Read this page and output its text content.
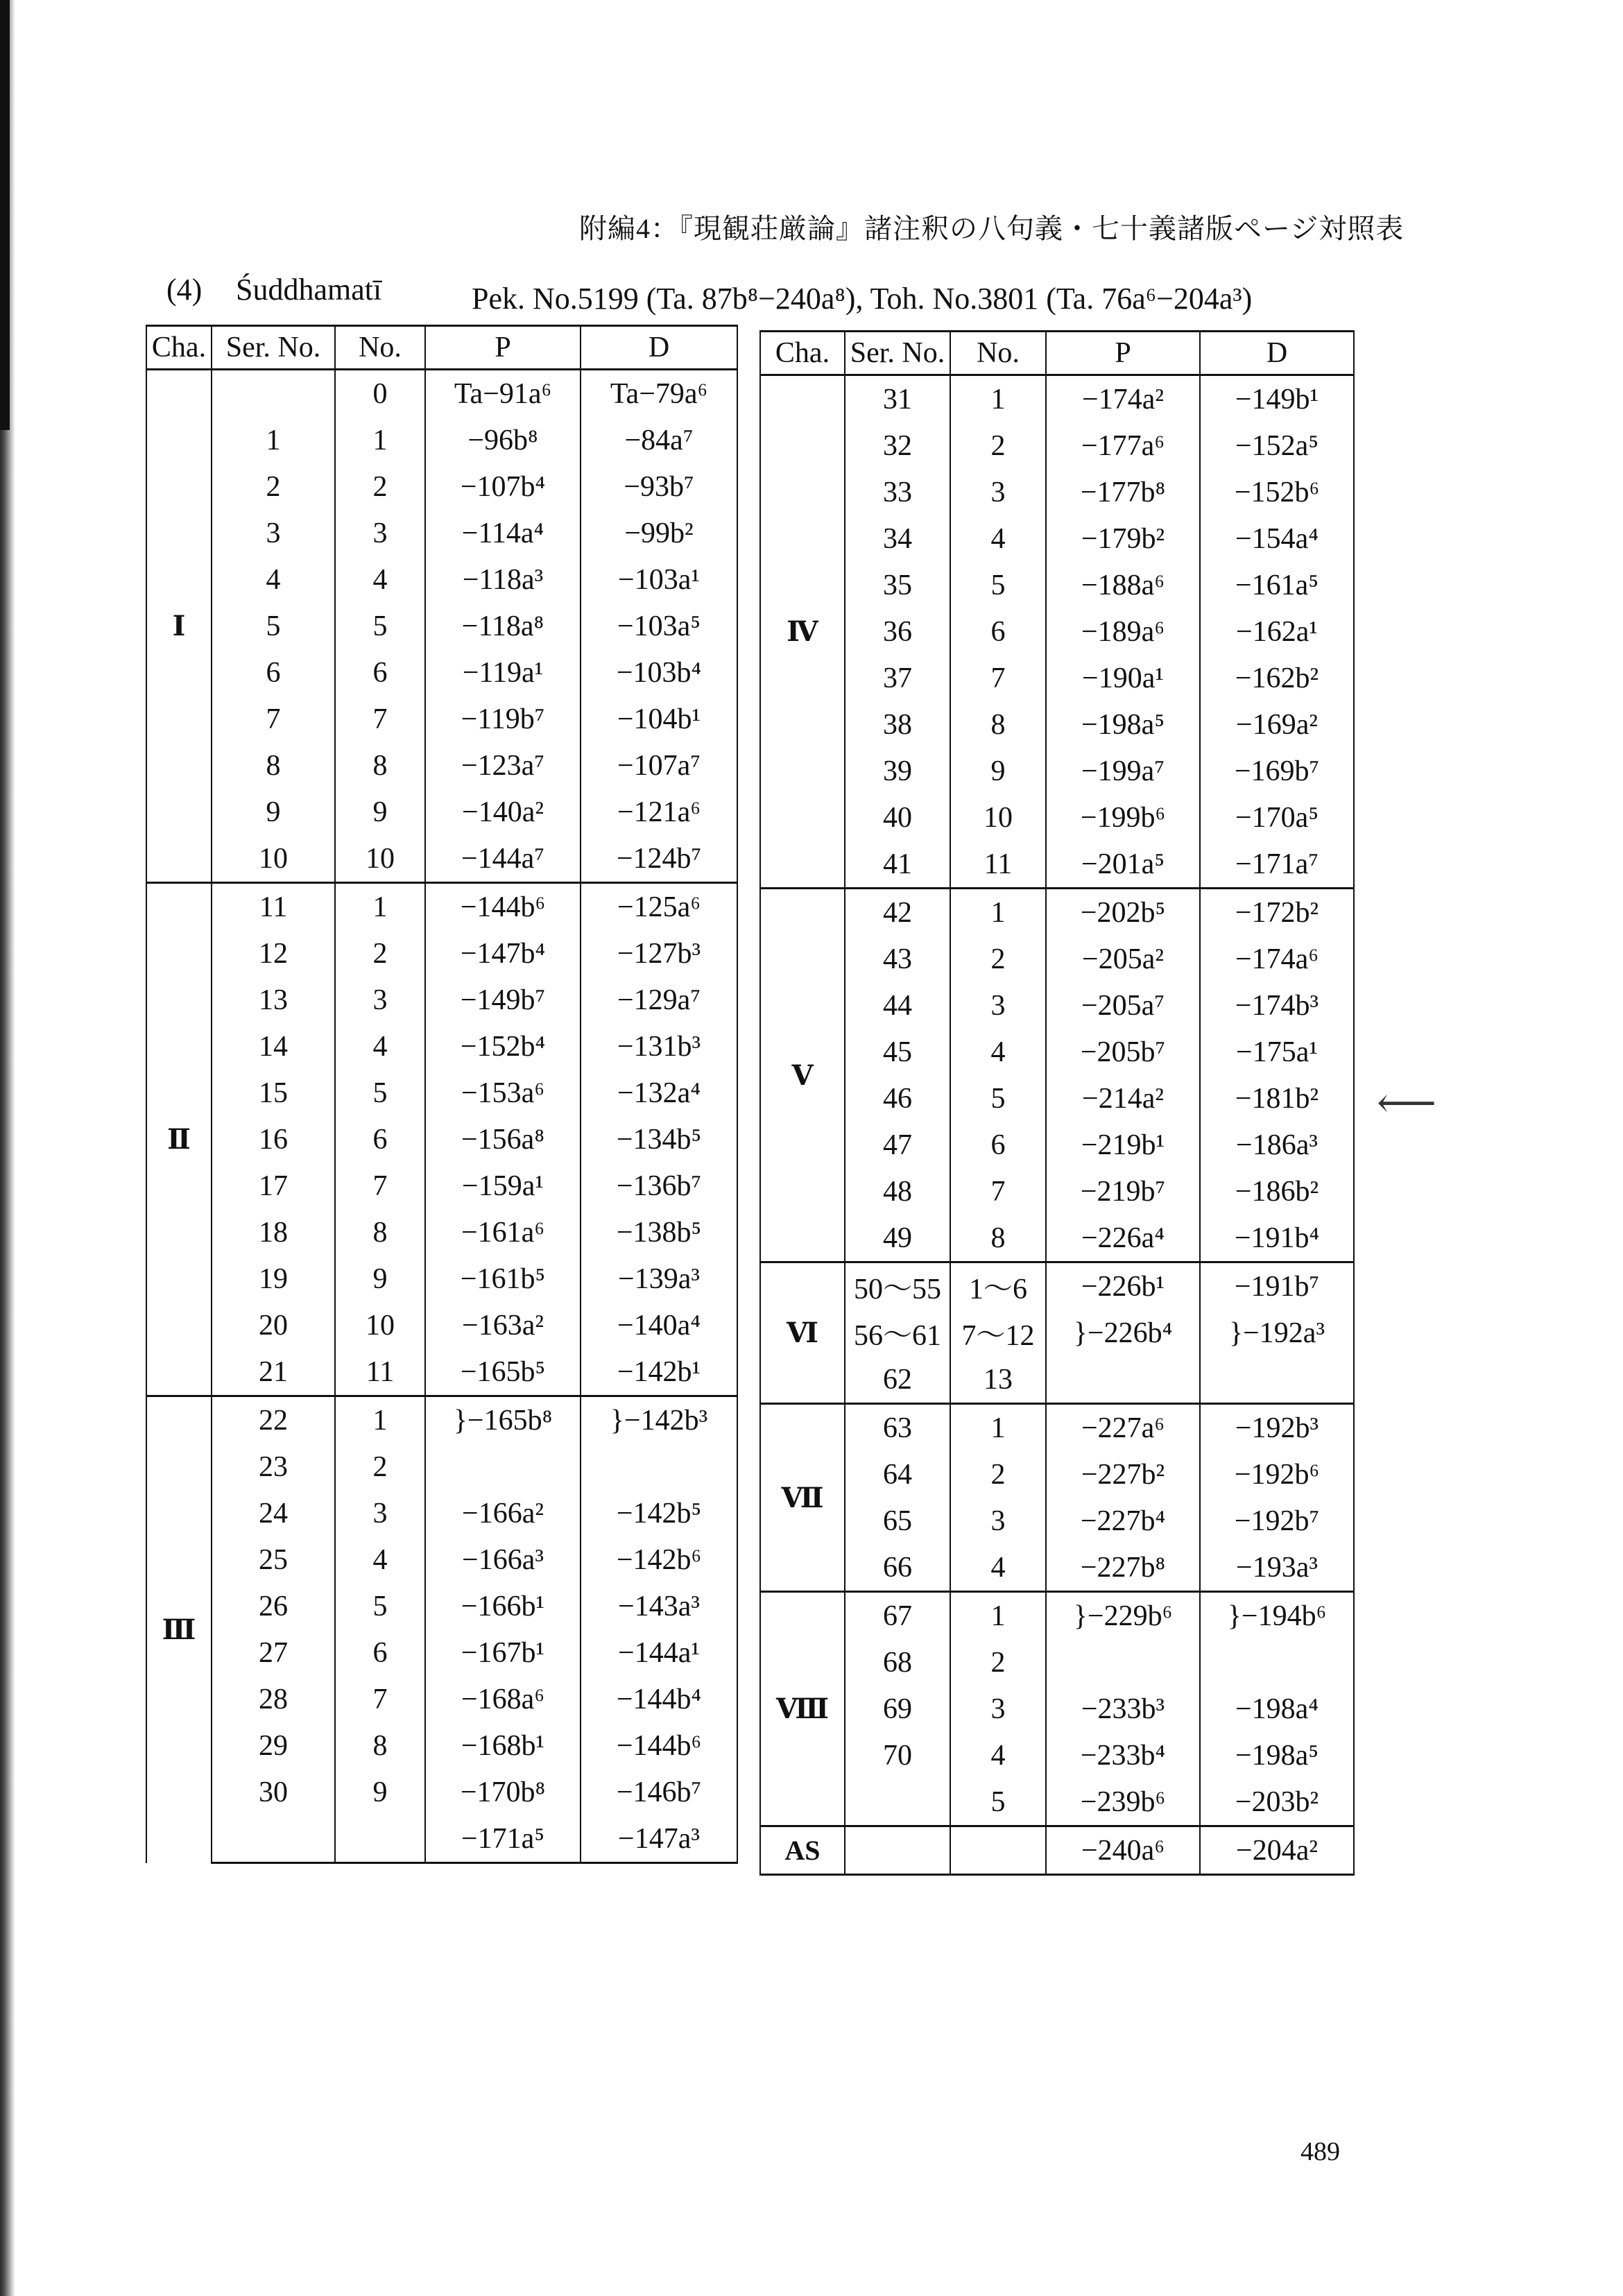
附編4：『現観荘厳論』諸注釈の八句義・七十義諸版ページ対照表
(4) Śuddhamatī	Pek. No.5199 (Ta. 87b⁸−240a⁸), Toh. No.3801 (Ta. 76a⁶−204a³)
Cha.	Ser. No.	No.	P	D
Ⅰ		0	Ta−91a⁶	Ta−79a⁶
	1	1	−96b⁸	−84a⁷
	2	2	−107b⁴	−93b⁷
	3	3	−114a⁴	−99b²
	4	4	−118a³	−103a¹
	5	5	−118a⁸	−103a⁵
	6	6	−119a¹	−103b⁴
	7	7	−119b⁷	−104b¹
	8	8	−123a⁷	−107a⁷
	9	9	−140a²	−121a⁶
	10	10	−144a⁷	−124b⁷
Ⅱ	11	1	−144b⁶	−125a⁶
	12	2	−147b⁴	−127b³
	13	3	−149b⁷	−129a⁷
	14	4	−152b⁴	−131b³
	15	5	−153a⁶	−132a⁴
	16	6	−156a⁸	−134b⁵
	17	7	−159a¹	−136b⁷
	18	8	−161a⁶	−138b⁵
	19	9	−161b⁵	−139a³
	20	10	−163a²	−140a⁴
	21	11	−165b⁵	−142b¹
Ⅲ	22	1	}−165b⁸	}−142b³
	23	2		
	24	3	−166a²	−142b⁵
	25	4	−166a³	−142b⁶
	26	5	−166b¹	−143a³
	27	6	−167b¹	−144a¹
	28	7	−168a⁶	−144b⁴
	29	8	−168b¹	−144b⁶
	30	9	−170b⁸	−146b⁷
			−171a⁵	−147a³
Cha.	Ser. No.	No.	P	D
Ⅳ	31	1	−174a²	−149b¹
	32	2	−177a⁶	−152a⁵
	33	3	−177b⁸	−152b⁶
	34	4	−179b²	−154a⁴
	35	5	−188a⁶	−161a⁵
	36	6	−189a⁶	−162a¹
	37	7	−190a¹	−162b²
	38	8	−198a⁵	−169a²
	39	9	−199a⁷	−169b⁷
	40	10	−199b⁶	−170a⁵
	41	11	−201a⁵	−171a⁷
Ⅴ	42	1	−202b⁵	−172b²
	43	2	−205a²	−174a⁶
	44	3	−205a⁷	−174b³
	45	4	−205b⁷	−175a¹
	46	5	−214a²	−181b²
	47	6	−219b¹	−186a³
	48	7	−219b⁷	−186b²
	49	8	−226a⁴	−191b⁴
Ⅵ	50〜55	1〜6	−226b¹	−191b⁷
	56〜61	7〜12	}−226b⁴	}−192a³
	62	13		
Ⅶ	63	1	−227a⁶	−192b³
	64	2	−227b²	−192b⁶
	65	3	−227b⁴	−192b⁷
	66	4	−227b⁸	−193a³
Ⅷ	67	1	}−229b⁶	}−194b⁶
	68	2		
	69	3	−233b³	−198a⁴
	70	4	−233b⁴	−198a⁵
		5	−239b⁶	−203b²
AS			−240a⁶	−204a²
⟵
489
